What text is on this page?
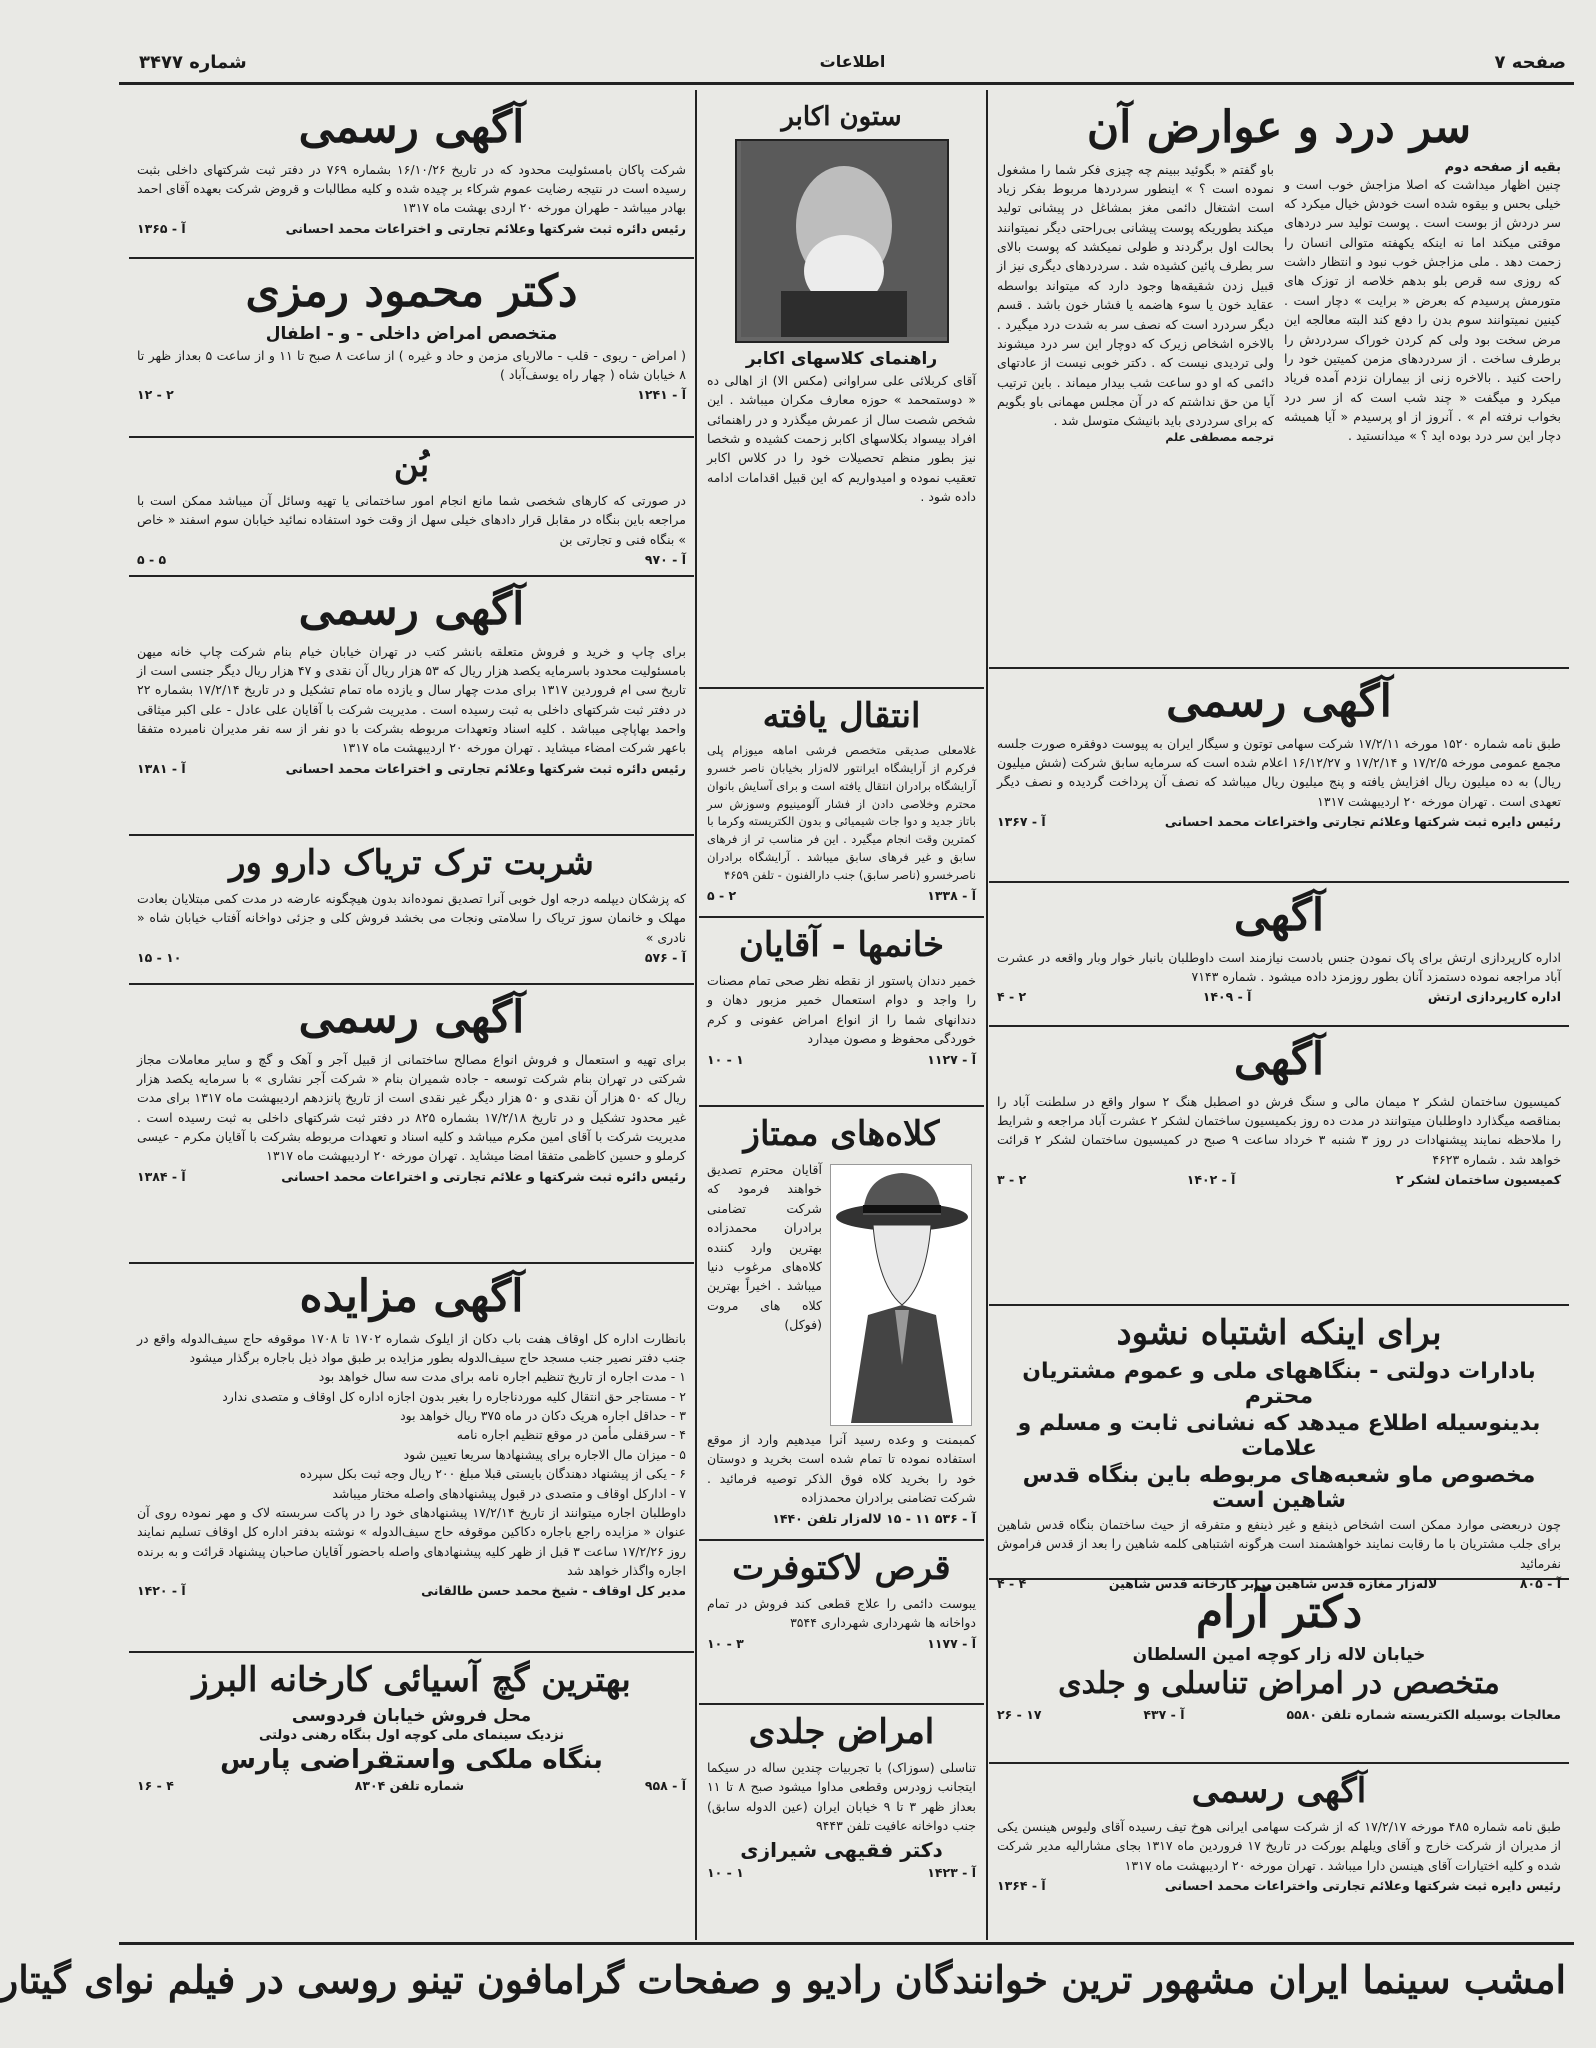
صفحه ۷
اطلاعات
شماره ۳۴۷۷
سر درد و عوارض آن
بقیه از صفحه دوم
چنین اظهار میداشت که اصلا مزاجش خوب است و خیلی بحس و بیقوه شده است خودش خیال میکرد که سر دردش از بوست است . پوست تولید سر دردهای موقتی میکند اما نه اینکه یکهفته متوالی انسان را زحمت دهد . ملی مزاجش خوب نبود و انتظار داشت که روزی سه قرص بلو بدهم خلاصه از توزک های متورمش پرسیدم که بعرض « برایت » دچار است . کینین نمیتوانند سوم بدن را دفع کند البته معالجه این مرض سخت بود ولی کم کردن خوراک سردردش را برطرف ساخت . از سردردهای مزمن کمیتین خود را راحت کنید . بالاخره زنی از بیماران نزدم آمده فریاد میکرد و میگفت « چند شب است که از سر درد بخواب نرفته ام » . آنروز از او پرسیدم « آیا همیشه دچار این سر درد بوده اید ؟ » میدانستید .
باو گفتم « بگوئید ببینم چه چیزی فکر شما را مشغول نموده است ؟ » اینطور سردردها مربوط بفکر زیاد است اشتغال دائمی مغز بمشاغل در پیشانی تولید میکند بطوریکه پوست پیشانی بی‌راحتی دیگر نمیتوانند بحالت اول برگردند و طولی نمیکشد که پوست بالای سر بطرف پائین کشیده شد . سردردهای دیگری نیز از قبیل زدن شقیقه‌ها وجود دارد که میتواند بواسطه عقاید خون یا سوء هاضمه یا فشار خون باشد . قسم دیگر سردرد است که نصف سر به شدت درد میگیرد . بالاخره اشخاص زیرک که دوچار این سر درد میشوند ولی تردیدی نیست که . دکتر خوبی نیست از عادتهای دائمی که او دو ساعت شب بیدار میماند . باین ترتیب آیا من حق نداشتم که در آن مجلس مهمانی باو بگویم که برای سردردی باید بانیشک متوسل شد .
ترجمه مصطفی علم
آگهی رسمی
طبق نامه شماره ۱۵۲۰ مورخه ۱۷/۲/۱۱ شرکت سهامی توتون و سیگار ایران به پیوست دوفقره صورت جلسه مجمع عمومی مورخه ۱۷/۲/۵ و ۱۷/۲/۱۴ و ۱۶/۱۲/۲۷ اعلام شده است که سرمایه سابق شرکت (شش میلیون ریال) به ده میلیون ریال افزایش یافته و پنج میلیون ریال میباشد که نصف آن پرداخت گردیده و نصف دیگر تعهدی است . تهران مورخه ۲۰ اردیبهشت ۱۳۱۷
رئیس دایره ثبت شرکتها وعلائم تجارتی واختراعات محمد احسانی
آ - ۱۳۶۷
آگهی
اداره کارپردازی ارتش برای پاک نمودن جنس بادست نیازمند است داوطلبان بانبار خوار وبار واقعه در عشرت آباد مراجعه نموده دستمزد آنان بطور روزمزد داده میشود . شماره ۷۱۴۳
اداره کارپردازی ارتش
آ - ۱۴۰۹
۲ - ۴
آگهی
کمیسیون ساختمان لشکر ۲ میمان مالی و سنگ فرش دو اصطبل هنگ ۲ سوار واقع در سلطنت آباد را بمناقصه میگذارد داوطلبان میتوانند در مدت ده روز بکمیسیون ساختمان لشکر ۲ عشرت آباد مراجعه و شرایط را ملاحظه نمایند پیشنهادات در روز ۳ شنبه ۳ خرداد ساعت ۹ صبح در کمیسیون ساختمان لشکر ۲ قرائت خواهد شد . شماره ۴۶۲۳
کمیسیون ساختمان لشکر ۲
آ - ۱۴۰۲
۲ - ۳
برای اینکه اشتباه نشود
بادارات دولتی - بنگاههای ملی و عموم مشتریان محترم
بدینوسیله اطلاع میدهد که نشانی ثابت و مسلم و علامات
مخصوص ماو شعبه‌های مربوطه باین بنگاه قدس شاهین است
چون دربعضی موارد ممکن است اشخاص ذینفع و غیر ذینفع و متفرقه از حیث ساختمان بنگاه قدس شاهین برای جلب مشتریان با ما رقابت نمایند خواهشمند است هرگونه اشتباهی کلمه شاهین را بعد از قدس فراموش نفرمائید
آ - ۸۰۵
لاله‌زار مغازه قدس شاهین برابر کارخانه قدس شاهین
۴ - ۴
دکتر آرام
خیابان لاله زار کوچه امین السلطان
متخصص در امراض تناسلی و جلدی
معالجات بوسیله الکتریسته شماره تلفن ۵۵۸۰
آ - ۴۳۷
۱۷ - ۲۶
آگهی رسمی
طبق نامه شماره ۴۸۵ مورخه ۱۷/۲/۱۷ که از شرکت سهامی ایرانی هوخ تیف رسیده آقای ولیوس هینسن یکی از مدیران از شرکت خارج و آقای ویلهلم بورکت در تاریخ ۱۷ فروردین ماه ۱۳۱۷ بجای مشارالیه مدیر شرکت شده و کلیه اختیارات آقای هینسن دارا میباشد . تهران مورخه ۲۰ اردیبهشت ماه ۱۳۱۷
رئیس دایره ثبت شرکتها وعلائم تجارتی واختراعات محمد احسانی
آ - ۱۳۶۴
ستون اکابر
راهنمای کلاسهای اکابر
آقای کربلائی علی سراوانی (مکس الا) از اهالی ده « دوستمحمد » حوزه معارف مکران میباشد . این شخص شصت سال از عمرش میگذرد و در راهنمائی افراد بیسواد بکلاسهای اکابر زحمت کشیده و شخصا نیز بطور منظم تحصیلات خود را در کلاس اکابر تعقیب نموده و امیدواریم که این قبیل اقدامات ادامه داده شود .
انتقال یافته
غلامعلی صدیقی متخصص فرشی اماهه میوزام پلی فرکرم از آرایشگاه ایرانتور لاله‌زار بخیابان ناصر خسرو آرایشگاه برادران انتقال یافته است و برای آسایش بانوان محترم وخلاصی دادن از فشار آلومینیوم وسوزش سر باتاز جدید و دوا جات شیمیائی و بدون الکتریسته وکرما با کمترین وقت انجام میگیرد . این فر مناسب تر از فرهای سابق و غیر فرهای سابق میباشد . آرایشگاه برادران ناصرخسرو (ناصر سابق) جنب دارالفنون - تلفن ۴۶۵۹
آ - ۱۳۳۸
۲ - ۵
خانمها - آقایان
خمیر دندان پاستور از نقطه نظر صحی تمام مصنات را واجد و دوام استعمال خمیر مزبور دهان و دندانهای شما را از انواع امراض عفونی و کرم خوردگی محفوظ و مصون میدارد
آ - ۱۱۲۷
۱ - ۱۰
کلاه‌های ممتاز
آقایان محترم تصدیق خواهند فرمود که شرکت تضامنی برادران محمدزاده بهترین وارد کننده کلاه‌های مرغوب دنیا میباشد . اخیراً بهترین کلاه های مروت (فوکل)
کمبمنت و وعده رسید آنرا میدهیم وارد از موقع استفاده نموده تا تمام شده است بخرید و دوستان خود را بخرید کلاه فوق الذکر توصیه فرمائید . شرکت تضامنی برادران محمدزاده
آ - ۵۳۶ ۱۱ - ۱۵ لاله‌زار تلفن ۱۴۴۰
قرص لاکتوفرت
یبوست دائمی را علاج قطعی کند فروش در تمام دواخانه ها شهرداری شهرداری ۳۵۴۴
آ - ۱۱۷۷
۳ - ۱۰
امراض جلدی
تناسلی (سوزاک) با تجربیات چندین ساله در سیکما ایتجانب زودرس وقطعی مداوا میشود صبح ۸ تا ۱۱ بعداز ظهر ۳ تا ۹ خیابان ایران (عین الدوله سابق) جنب دواخانه عافیت تلفن ۹۴۴۳
دکتر فقیهی شیرازی
آ - ۱۴۲۳
۱ - ۱۰
آگهی رسمی
شرکت پاکان بامسئولیت محدود که در تاریخ ۱۶/۱۰/۲۶ بشماره ۷۶۹ در دفتر ثبت شرکتهای داخلی بثبت رسیده است در نتیجه رضایت عموم شرکاء بر چیده شده و کلیه مطالبات و قروض شرکت بعهده آقای احمد بهادر میباشد - طهران مورخه ۲۰ اردی بهشت ماه ۱۳۱۷
رئیس دائره ثبت شرکتها وعلائم تجارتی و اختراعات محمد احسانی
آ - ۱۳۶۵
دکتر محمود رمزی
متخصص امراض داخلی - و - اطفال
( امراض - ریوی - قلب - مالاریای مزمن و حاد و غیره ) از ساعت ۸ صبح تا ۱۱ و از ساعت ۵ بعداز ظهر تا ۸ خیابان شاه ( چهار راه یوسف‌آباد )
آ - ۱۲۴۱
۲ - ۱۲
بُن
در صورتی که کارهای شخصی شما مانع انجام امور ساختمانی یا تهیه وسائل آن میباشد ممکن است با مراجعه باین بنگاه در مقابل قرار دادهای خیلی سهل از وقت خود استفاده نمائید خیابان سوم اسفند « خاص » بنگاه فنی و تجارتی بن
آ - ۹۷۰
۵ - ۵
آگهی رسمی
برای چاپ و خرید و فروش متعلقه بانشر کتب در تهران خیابان خیام بنام شرکت چاپ خانه میهن بامسئولیت محدود باسرمایه یکصد هزار ریال که ۵۳ هزار ریال آن نقدی و ۴۷ هزار ریال دیگر جنسی است از تاریخ سی ام فروردین ۱۳۱۷ برای مدت چهار سال و یازده ماه تمام تشکیل و در تاریخ ۱۷/۲/۱۴ بشماره ۲۲ در دفتر ثبت شرکتهای داخلی به ثبت رسیده است . مدیریت شرکت با آقایان علی عادل - علی اکبر میثاقی واحمد بهاپاچی میباشد . کلیه اسناد وتعهدات مربوطه بشرکت با دو نفر از سه نفر مدیران نامبرده متفقا باعهر شرکت امضاء میشاید . تهران مورخه ۲۰ اردیبهشت ماه ۱۳۱۷
رئیس دائره ثبت شرکتها وعلائم تجارتی و اختراعات محمد احسانی
آ - ۱۳۸۱
شربت ترک تریاک دارو ور
که پزشکان دیپلمه درجه اول خوبی آنرا تصدیق نموده‌اند بدون هیچگونه عارضه در مدت کمی مبتلایان بعادت مهلک و خانمان سوز تریاک را سلامتی ونجات می بخشد فروش کلی و جزئی دواخانه آفتاب خیابان شاه « نادری »
آ - ۵۷۶
۱۰ - ۱۵
آگهی رسمی
برای تهیه و استعمال و فروش انواع مصالح ساختمانی از قبیل آجر و آهک و گچ و سایر معاملات مجاز شرکتی در تهران بنام شرکت توسعه - جاده شمیران بنام « شرکت آجر نشاری » با سرمایه یکصد هزار ریال که ۵۰ هزار آن نقدی و ۵۰ هزار دیگر غیر نقدی است از تاریخ پانزدهم اردیبهشت ماه ۱۳۱۷ برای مدت غیر محدود تشکیل و در تاریخ ۱۷/۲/۱۸ بشماره ۸۲۵ در دفتر ثبت شرکتهای داخلی به ثبت رسیده است . مدیریت شرکت با آقای امین مکرم میباشد و کلیه اسناد و تعهدات مربوطه بشرکت با آقایان مکرم - عیسی کرملو و حسین کاظمی متفقا امضا میشاید . تهران مورخه ۲۰ اردیبهشت ماه ۱۳۱۷
رئیس دائره ثبت شرکتها و علائم تجارتی و اختراعات محمد احسانی
آ - ۱۳۸۴
آگهی مزایده
بانظارت اداره کل اوقاف هفت باب دکان از ایلوک شماره ۱۷۰۲ تا ۱۷۰۸ موقوفه حاج سیف‌الدوله واقع در جنب دفتر نصیر جنب مسجد حاج سیف‌الدوله بطور مزایده بر طبق مواد ذیل باجاره برگذار میشود
۱ - مدت اجاره از تاریخ تنظیم اجاره نامه برای مدت سه سال خواهد بود
۲ - مستاجر حق انتقال کلیه موردناجاره را بغیر بدون اجازه اداره کل اوقاف و متصدی ندارد
۳ - حداقل اجاره هریک دکان در ماه ۳۷۵ ریال خواهد بود
۴ - سرقفلی مأمن در موقع تنظیم اجاره نامه
۵ - میزان مال الاجاره برای پیشنهادها سریعا تعیین شود
۶ - یکی از پیشنهاد دهندگان بایستی قبلا مبلغ ۲۰۰ ریال وجه ثبت بکل سپرده
۷ - ادارکل اوقاف و متصدی در قبول پیشنهادهای واصله مختار میباشد
داوطلبان اجاره میتوانند از تاریخ ۱۷/۲/۱۴ پیشنهادهای خود را در پاکت سربسته لاک و مهر نموده روی آن عنوان « مزایده راجع باجاره دکاکین موقوفه حاج سیف‌الدوله » نوشته بدفتر اداره کل اوقاف تسلیم نمایند روز ۱۷/۲/۲۶ ساعت ۳ قبل از ظهر کلیه پیشنهادهای واصله باحضور آقایان صاحبان پیشنهاد قرائت و به برنده اجاره واگذار خواهد شد
مدیر کل اوقاف - شیخ محمد حسن طالقانی
آ - ۱۴۲۰
بهترین گچ آسیائی کارخانه البرز
محل فروش خیابان فردوسی
نزدیک سینمای ملی کوچه اول بنگاه رهنی دولتی
بنگاه ملکی واستقراضی پارس
آ - ۹۵۸
شماره تلفن ۸۳۰۴
۴ - ۱۶
امشب سینما ایران مشهور ترین خوانندگان رادیو و صفحات گرامافون تینو روسی در فیلم نوای گیتار
